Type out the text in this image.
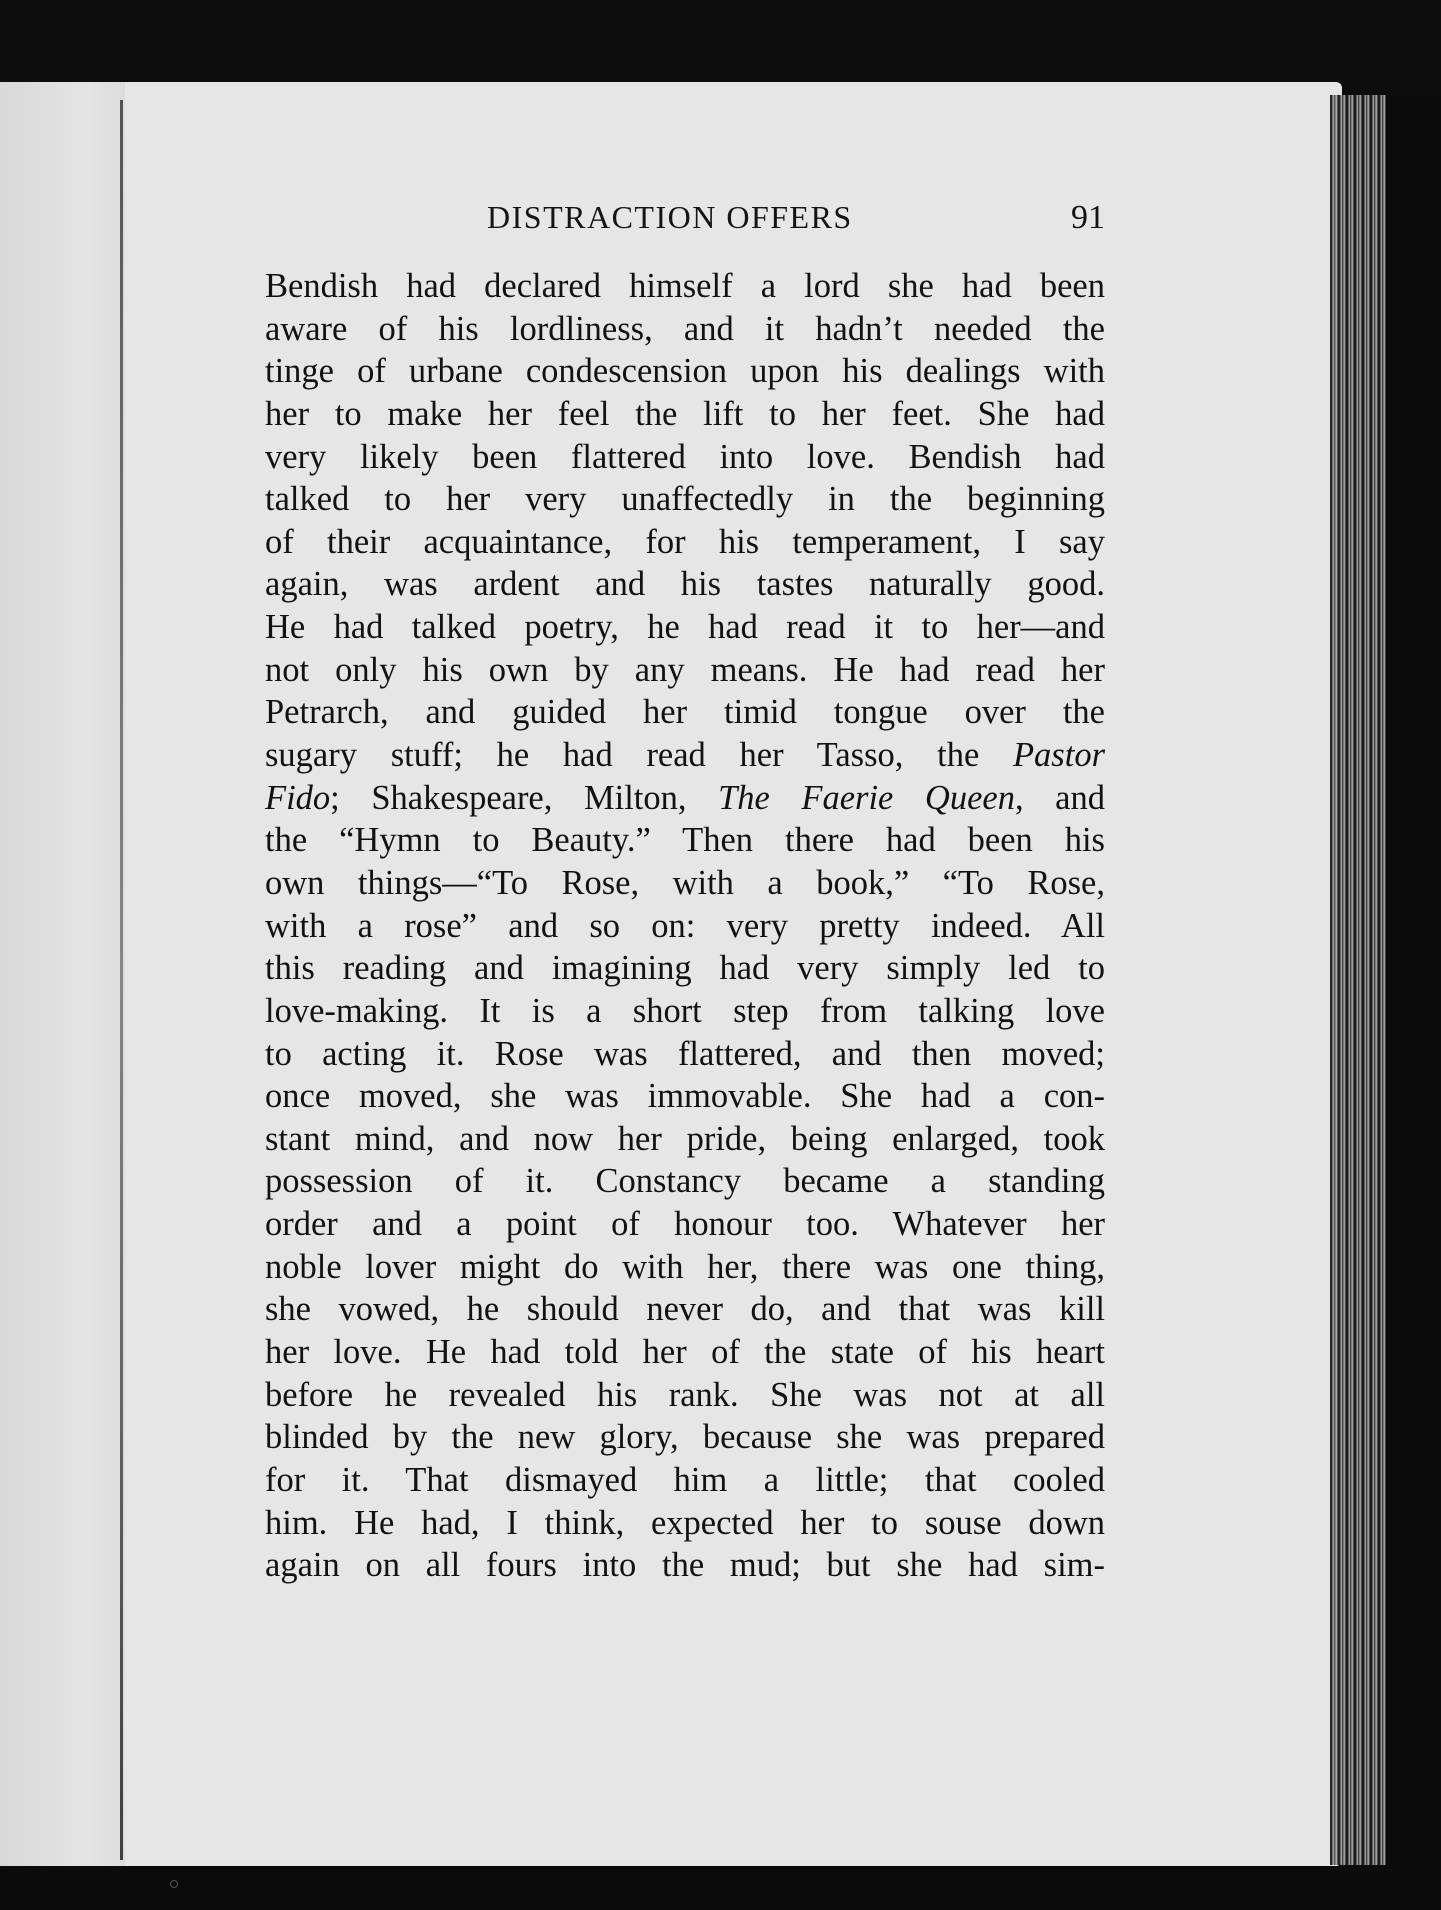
DISTRACTION OFFERS	91
Bendish had declared himself a lord she had been
aware of his lordliness, and it hadn’t needed the
tinge of urbane condescension upon his dealings with
her to make her feel the lift to her feet. She had
very likely been flattered into love. Bendish had
talked to her very unaffectedly in the beginning
of their acquaintance, for his temperament, I say
again, was ardent and his tastes naturally good.
He had talked poetry, he had read it to her—and
not only his own by any means. He had read her
Petrarch, and guided her timid tongue over the
sugary stuff; he had read her Tasso, the Pastor
Fido; Shakespeare, Milton, The Faerie Queen, and
the “Hymn to Beauty.” Then there had been his
own things—“To Rose, with a book,” “To Rose,
with a rose” and so on: very pretty indeed. All
this reading and imagining had very simply led to
love-making. It is a short step from talking love
to acting it. Rose was flattered, and then moved;
once moved, she was immovable. She had a con-
stant mind, and now her pride, being enlarged, took
possession of it. Constancy became a standing
order and a point of honour too. Whatever her
noble lover might do with her, there was one thing,
she vowed, he should never do, and that was kill
her love. He had told her of the state of his heart
before he revealed his rank. She was not at all
blinded by the new glory, because she was prepared
for it. That dismayed him a little; that cooled
him. He had, I think, expected her to souse down
again on all fours into the mud; but she had sim-
